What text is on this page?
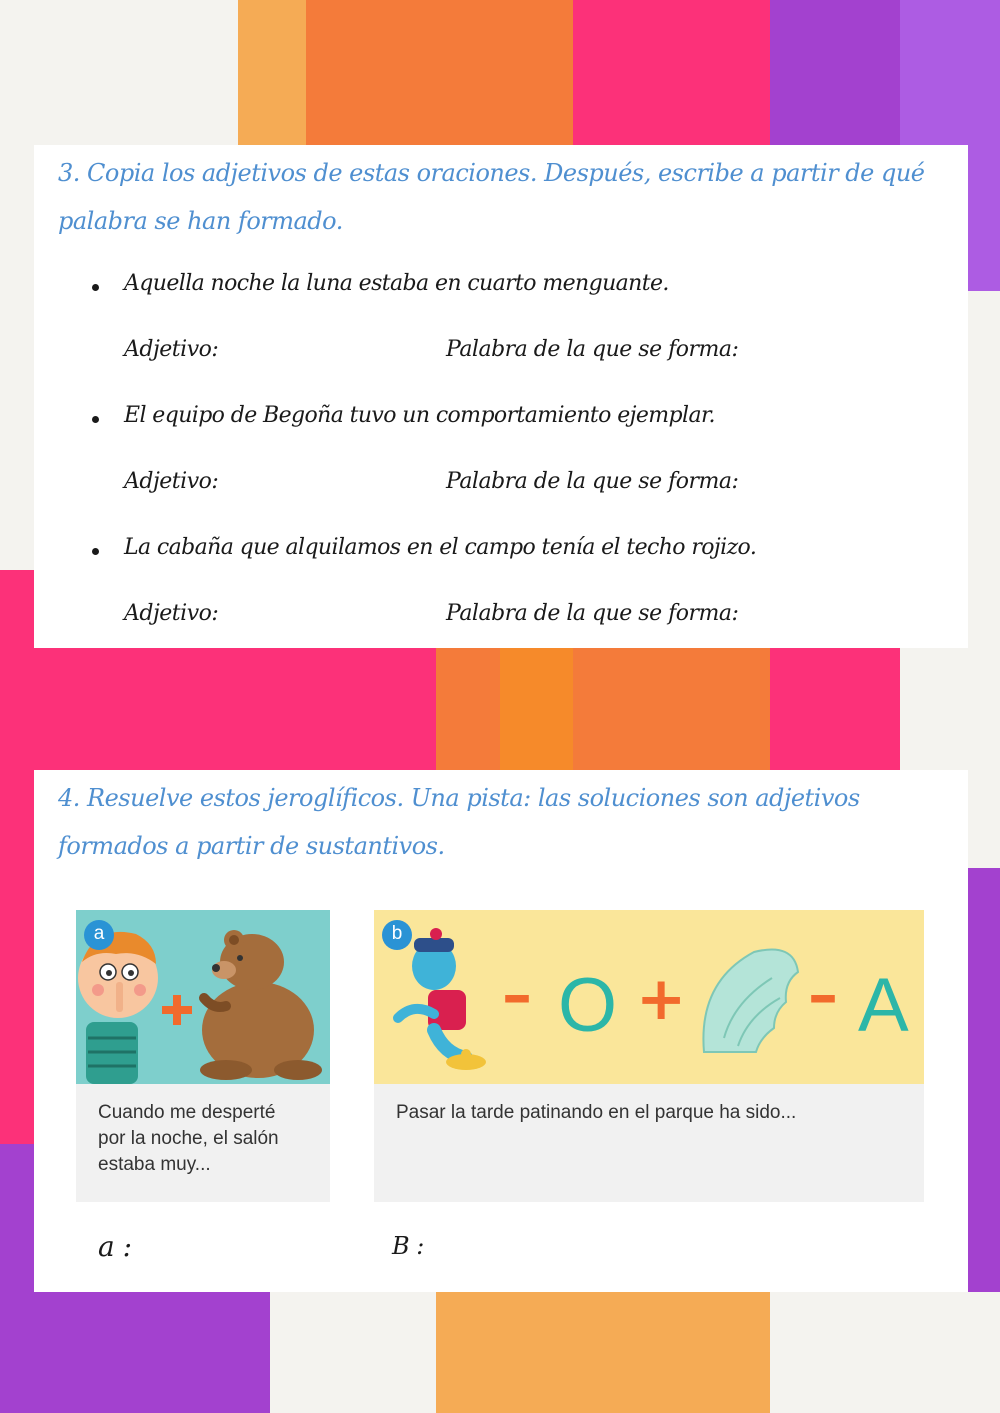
3. Copia los adjetivos de estas oraciones. Después, escribe a partir de qué
palabra se han formado.
Aquella noche la luna estaba en cuarto menguante.
Adjetivo:	Palabra de la que se forma:
El equipo de Begoña tuvo un comportamiento ejemplar.
Adjetivo:	Palabra de la que se forma:
La cabaña que alquilamos en el campo tenía el techo rojizo.
Adjetivo:	Palabra de la que se forma:
4. Resuelve estos jeroglíficos. Una pista: las soluciones son adjetivos
formados a partir de sustantivos.
a
Cuando me desperté por la noche, el salón estaba muy...
b
– O + – A
Pasar la tarde patinando en el parque ha sido...
a :	B :
